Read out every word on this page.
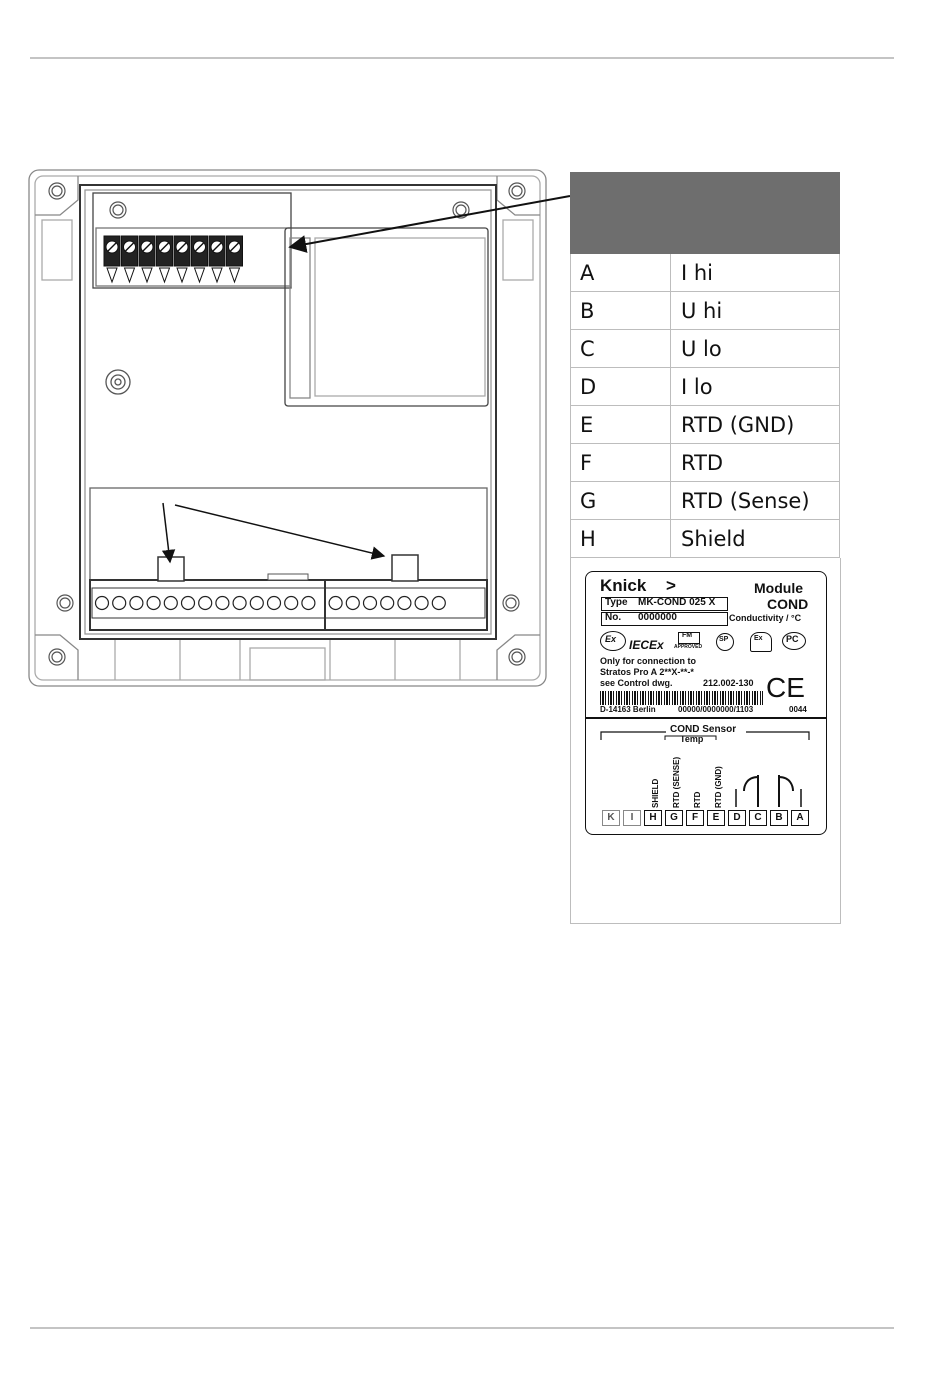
A	I hi
B	U hi
C	U lo
D	I lo
E	RTD (GND)
F	RTD
G	RTD (Sense)
H	Shield
Knick >	Module
COND
Type MK-COND 025 X
No. 0000000	Conductivity / °C
Ex IECEx
FM
APPROVED
SP	Ex	PC
Only for connection to
Stratos Pro A 2**X-**-*
see Control dwg.	212.002-130 CE
0044
D-14163 Berlin	00000/0000000/1103
COND Sensor
Temp
SHIELD RTD (SENSE) RTD RTD (GND)
K	I	H	G	F	E	D	C	B	A
